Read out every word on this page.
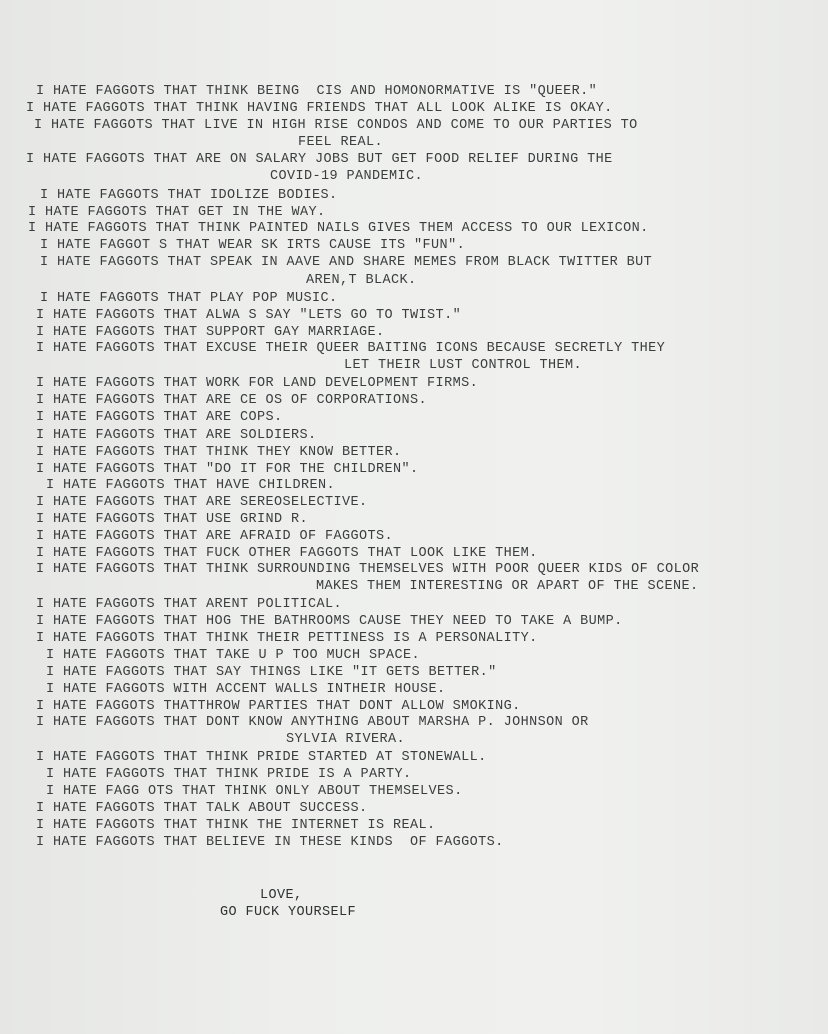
I HATE FAGGOTS THAT THINK BEING  CIS AND HOMONORMATIVE IS "QUEER."
I HATE FAGGOTS THAT THINK HAVING FRIENDS THAT ALL LOOK ALIKE IS OKAY.
I HATE FAGGOTS THAT LIVE IN HIGH RISE CONDOS AND COME TO OUR PARTIES TO
FEEL REAL.
I HATE FAGGOTS THAT ARE ON SALARY JOBS BUT GET FOOD RELIEF DURING THE
COVID-19 PANDEMIC.
I HATE FAGGOTS THAT IDOLIZE BODIES.
I HATE FAGGOTS THAT GET IN THE WAY.
I HATE FAGGOTS THAT THINK PAINTED NAILS GIVES THEM ACCESS TO OUR LEXICON.
I HATE FAGGOT S THAT WEAR SK IRTS CAUSE ITS "FUN".
I HATE FAGGOTS THAT SPEAK IN AAVE AND SHARE MEMES FROM BLACK TWITTER BUT
AREN,T BLACK.
I HATE FAGGOTS THAT PLAY POP MUSIC.
I HATE FAGGOTS THAT ALWA S SAY "LETS GO TO TWIST."
I HATE FAGGOTS THAT SUPPORT GAY MARRIAGE.
I HATE FAGGOTS THAT EXCUSE THEIR QUEER BAITING ICONS BECAUSE SECRETLY THEY
LET THEIR LUST CONTROL THEM.
I HATE FAGGOTS THAT WORK FOR LAND DEVELOPMENT FIRMS.
I HATE FAGGOTS THAT ARE CE OS OF CORPORATIONS.
I HATE FAGGOTS THAT ARE COPS.
I HATE FAGGOTS THAT ARE SOLDIERS.
I HATE FAGGOTS THAT THINK THEY KNOW BETTER.
I HATE FAGGOTS THAT "DO IT FOR THE CHILDREN".
I HATE FAGGOTS THAT HAVE CHILDREN.
I HATE FAGGOTS THAT ARE SEREOSELECTIVE.
I HATE FAGGOTS THAT USE GRIND R.
I HATE FAGGOTS THAT ARE AFRAID OF FAGGOTS.
I HATE FAGGOTS THAT FUCK OTHER FAGGOTS THAT LOOK LIKE THEM.
I HATE FAGGOTS THAT THINK SURROUNDING THEMSELVES WITH POOR QUEER KIDS OF COLOR
MAKES THEM INTERESTING OR APART OF THE SCENE.
I HATE FAGGOTS THAT ARENT POLITICAL.
I HATE FAGGOTS THAT HOG THE BATHROOMS CAUSE THEY NEED TO TAKE A BUMP.
I HATE FAGGOTS THAT THINK THEIR PETTINESS IS A PERSONALITY.
I HATE FAGGOTS THAT TAKE U P TOO MUCH SPACE.
I HATE FAGGOTS THAT SAY THINGS LIKE "IT GETS BETTER."
I HATE FAGGOTS WITH ACCENT WALLS INTHEIR HOUSE.
I HATE FAGGOTS THATTHROW PARTIES THAT DONT ALLOW SMOKING.
I HATE FAGGOTS THAT DONT KNOW ANYTHING ABOUT MARSHA P. JOHNSON OR
SYLVIA RIVERA.
I HATE FAGGOTS THAT THINK PRIDE STARTED AT STONEWALL.
I HATE FAGGOTS THAT THINK PRIDE IS A PARTY.
I HATE FAGG OTS THAT THINK ONLY ABOUT THEMSELVES.
I HATE FAGGOTS THAT TALK ABOUT SUCCESS.
I HATE FAGGOTS THAT THINK THE INTERNET IS REAL.
I HATE FAGGOTS THAT BELIEVE IN THESE KINDS  OF FAGGOTS.
LOVE,
GO FUCK YOURSELF
